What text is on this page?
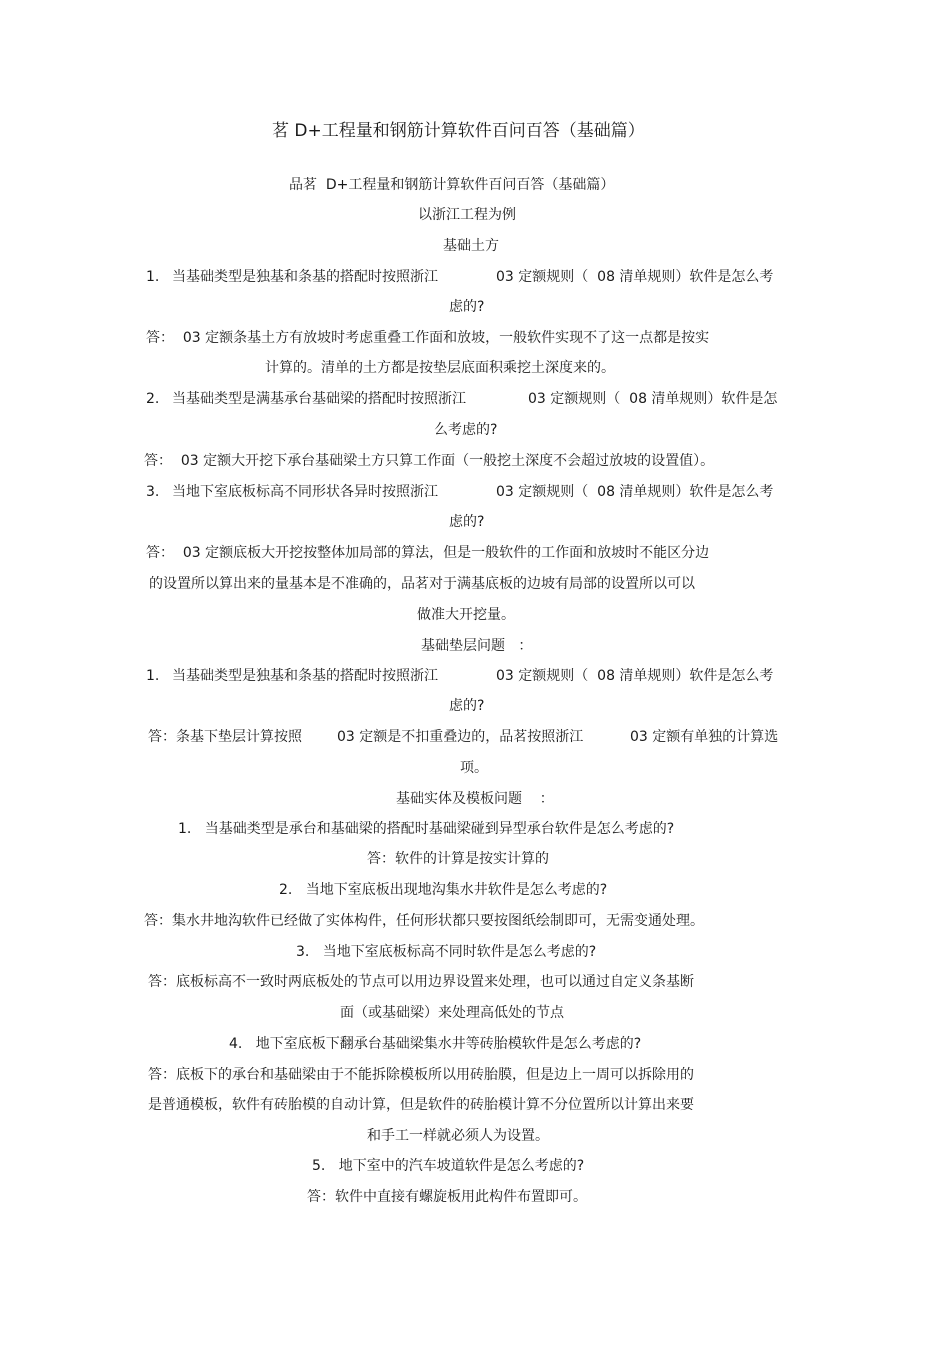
茗 D+工程量和钢筋计算软件百问百答（基础篇）
品茗  D+工程量和钢筋计算软件百问百答（基础篇）
以浙江工程为例
基础土方
1. 当基础类型是独基和条基的搭配时按照浙江	03 定额规则（  08 清单规则）软件是怎么考
虑的?
答：  03 定额条基土方有放坡时考虑重叠工作面和放坡，一般软件实现不了这一点都是按实
计算的。清单的土方都是按垫层底面积乘挖土深度来的。
2. 当基础类型是满基承台基础梁的搭配时按照浙江	03 定额规则（  08 清单规则）软件是怎
么考虑的?
答：  03 定额大开挖下承台基础梁土方只算工作面（一般挖土深度不会超过放坡的设置值）。
3. 当地下室底板标高不同形状各异时按照浙江	03 定额规则（  08 清单规则）软件是怎么考
虑的?
答：  03 定额底板大开挖按整体加局部的算法，但是一般软件的工作面和放坡时不能区分边
的设置所以算出来的量基本是不准确的，品茗对于满基底板的边坡有局部的设置所以可以
做准大开挖量。
基础垫层问题   ：
1. 当基础类型是独基和条基的搭配时按照浙江	03 定额规则（  08 清单规则）软件是怎么考
虑的?
答：条基下垫层计算按照	03 定额是不扣重叠边的，品茗按照浙江	03 定额有单独的计算选
项。
基础实体及模板问题    ：
1.   当基础类型是承台和基础梁的搭配时基础梁碰到异型承台软件是怎么考虑的?
答：软件的计算是按实计算的
2.   当地下室底板出现地沟集水井软件是怎么考虑的?
答：集水井地沟软件已经做了实体构件，任何形状都只要按图纸绘制即可，无需变通处理。
3.   当地下室底板标高不同时软件是怎么考虑的?
答：底板标高不一致时两底板处的节点可以用边界设置来处理，也可以通过自定义条基断
面（或基础梁）来处理高低处的节点
4.   地下室底板下翻承台基础梁集水井等砖胎模软件是怎么考虑的?
答：底板下的承台和基础梁由于不能拆除模板所以用砖胎膜，但是边上一周可以拆除用的
是普通模板，软件有砖胎模的自动计算，但是软件的砖胎模计算不分位置所以计算出来要
和手工一样就必须人为设置。
5.   地下室中的汽车坡道软件是怎么考虑的?
答：软件中直接有螺旋板用此构件布置即可。
